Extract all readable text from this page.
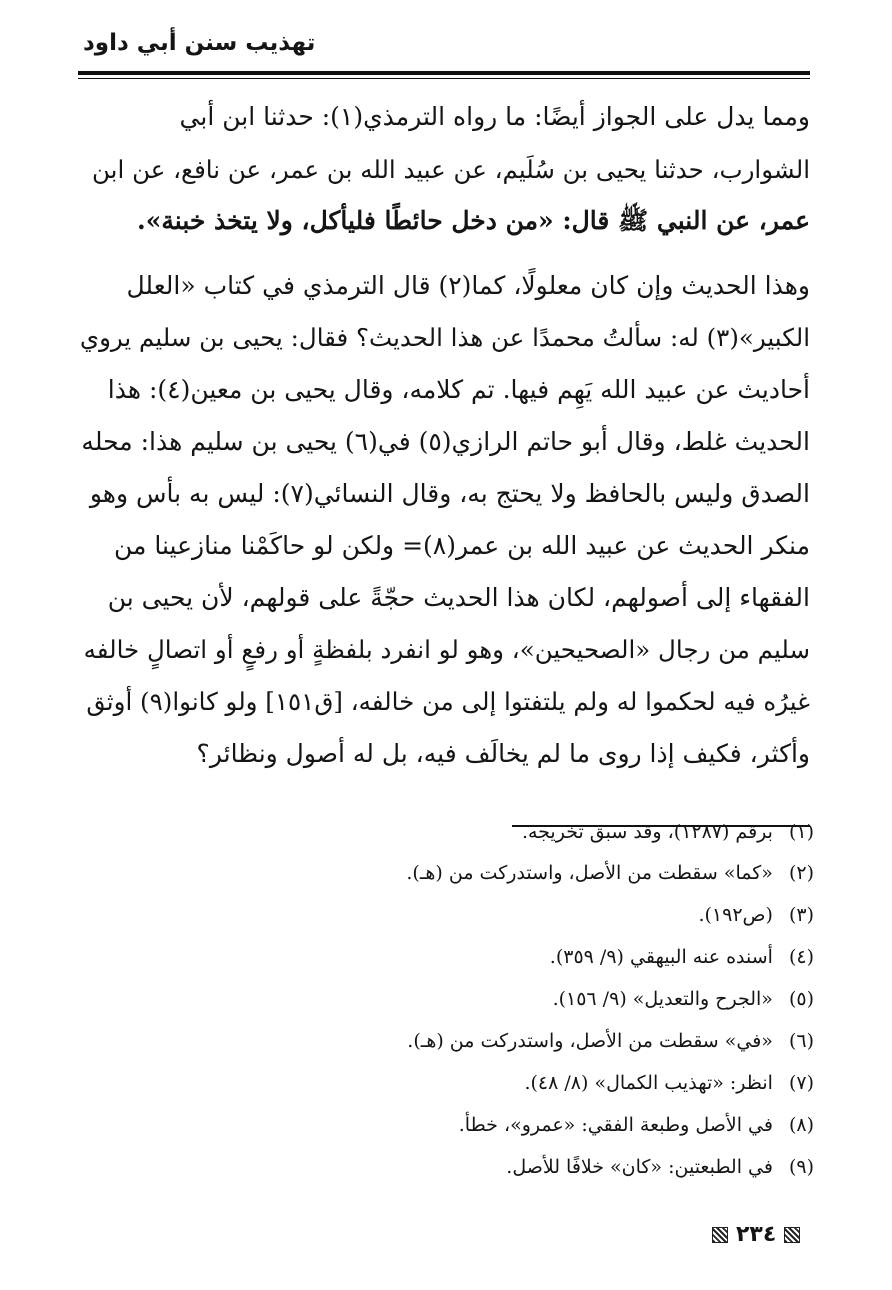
تهذيب سنن أبي داود
ومما يدل على الجواز أيضًا: ما رواه الترمذي(١): حدثنا ابن أبي
الشوارب، حدثنا يحيى بن سُلَيم، عن عبيد الله بن عمر، عن نافع، عن ابن
عمر، عن النبي ﷺ قال: «من دخل حائطًا فليأكل، ولا يتخذ خبنة».
وهذا الحديث وإن كان معلولًا، كما(٢) قال الترمذي في كتاب «العلل
الكبير»(٣) له: سألتُ محمدًا عن هذا الحديث؟ فقال: يحيى بن سليم يروي
أحاديث عن عبيد الله يَهِم فيها. تم كلامه، وقال يحيى بن معين(٤): هذا
الحديث غلط، وقال أبو حاتم الرازي(٥) في(٦) يحيى بن سليم هذا: محله
الصدق وليس بالحافظ ولا يحتج به، وقال النسائي(٧): ليس به بأس وهو
منكر الحديث عن عبيد الله بن عمر(٨)= ولكن لو حاكَمْنا منازعينا من
الفقهاء إلى أصولهم، لكان هذا الحديث حجّةً على قولهم، لأن يحيى بن
سليم من رجال «الصحيحين»، وهو لو انفرد بلفظةٍ أو رفعٍ أو اتصالٍ خالفه
غيرُه فيه لحكموا له ولم يلتفتوا إلى من خالفه، [ق١٥١] ولو كانوا(٩) أوثق
وأكثر، فكيف إذا روى ما لم يخالَف فيه، بل له أصول ونظائر؟
(١)برقم (١٢٨٧)، وقد سبق تخريجه.
(٢)«كما» سقطت من الأصل، واستدركت من (هـ).
(٣)(ص١٩٢).
(٤)أسنده عنه البيهقي (٩/ ٣٥٩).
(٥)«الجرح والتعديل» (٩/ ١٥٦).
(٦)«في» سقطت من الأصل، واستدركت من (هـ).
(٧)انظر: «تهذيب الكمال» (٨/ ٤٨).
(٨)في الأصل وطبعة الفقي: «عمرو»، خطأ.
(٩)في الطبعتين: «كان» خلافًا للأصل.
٢٣٤
